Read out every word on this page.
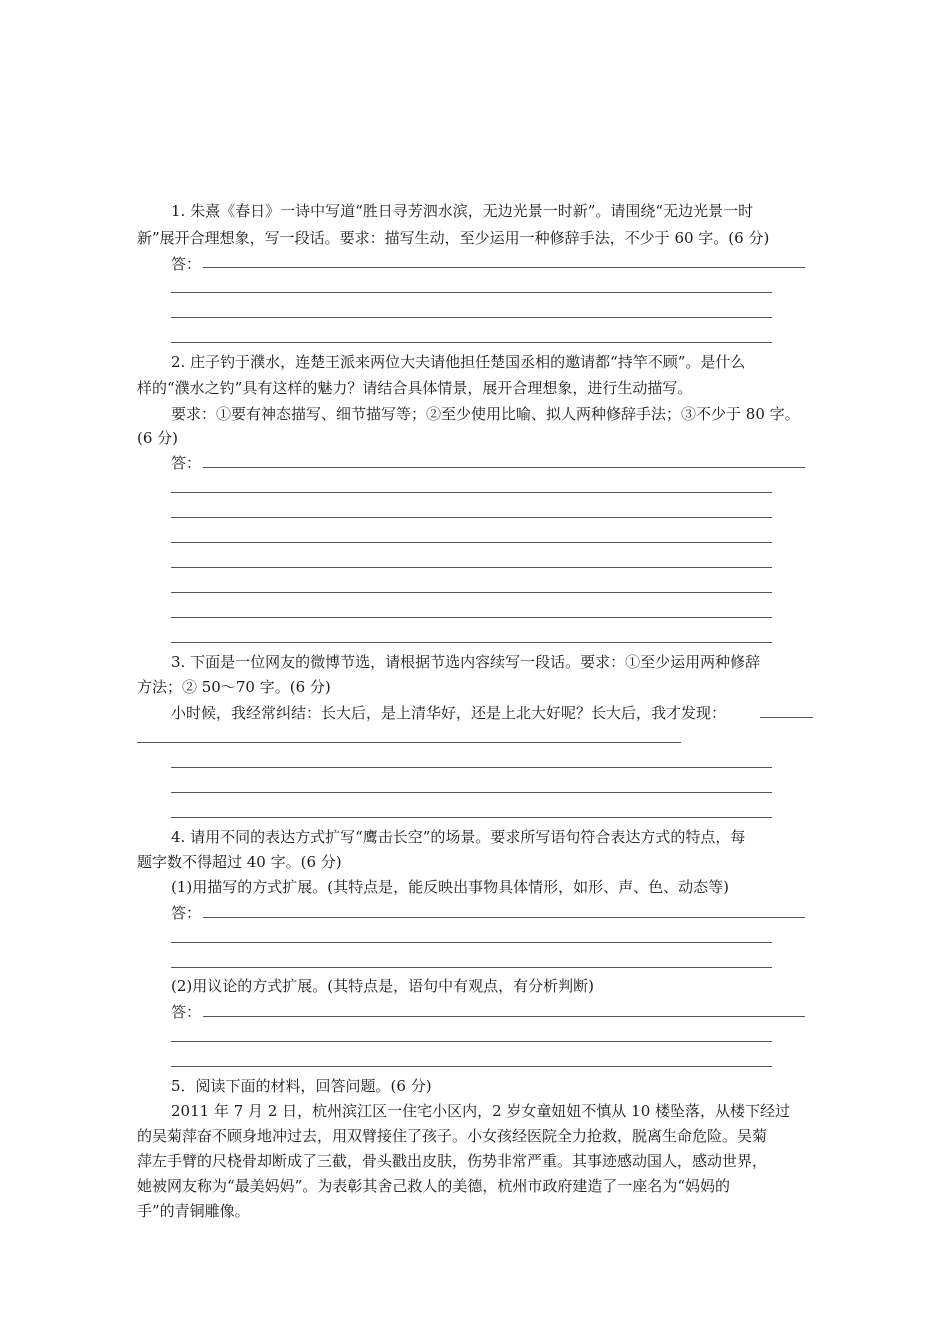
1. 朱熹《春日》一诗中写道“胜日寻芳泗水滨，无边光景一时新”。请围绕“无边光景一时
新”展开合理想象，写一段话。要求：描写生动，至少运用一种修辞手法，不少于 60 字。(6 分)
答：
2. 庄子钓于濮水，连楚王派来两位大夫请他担任楚国丞相的邀请都“持竿不顾”。是什么
样的“濮水之钓”具有这样的魅力？请结合具体情景，展开合理想象，进行生动描写。
要求：①要有神态描写、细节描写等；②至少使用比喻、拟人两种修辞手法；③不少于 80 字。
(6 分)
答：
3. 下面是一位网友的微博节选，请根据节选内容续写一段话。要求：①至少运用两种修辞
方法；② 50～70 字。(6 分)
小时候，我经常纠结：长大后，是上清华好，还是上北大好呢？长大后，我才发现：
4. 请用不同的表达方式扩写“鹰击长空”的场景。要求所写语句符合表达方式的特点，每
题字数不得超过 40 字。(6 分)
(1)用描写的方式扩展。(其特点是，能反映出事物具体情形，如形、声、色、动态等)
答：
(2)用议论的方式扩展。(其特点是，语句中有观点，有分析判断)
答：
5．阅读下面的材料，回答问题。(6 分)
2011 年 7 月 2 日，杭州滨江区一住宅小区内，2 岁女童妞妞不慎从 10 楼坠落，从楼下经过
的吴菊萍奋不顾身地冲过去，用双臂接住了孩子。小女孩经医院全力抢救，脱离生命危险。吴菊
萍左手臂的尺桡骨却断成了三截，骨头戳出皮肤，伤势非常严重。其事迹感动国人，感动世界，
她被网友称为“最美妈妈”。为表彰其舍己救人的美德，杭州市政府建造了一座名为“妈妈的
手”的青铜雕像。
